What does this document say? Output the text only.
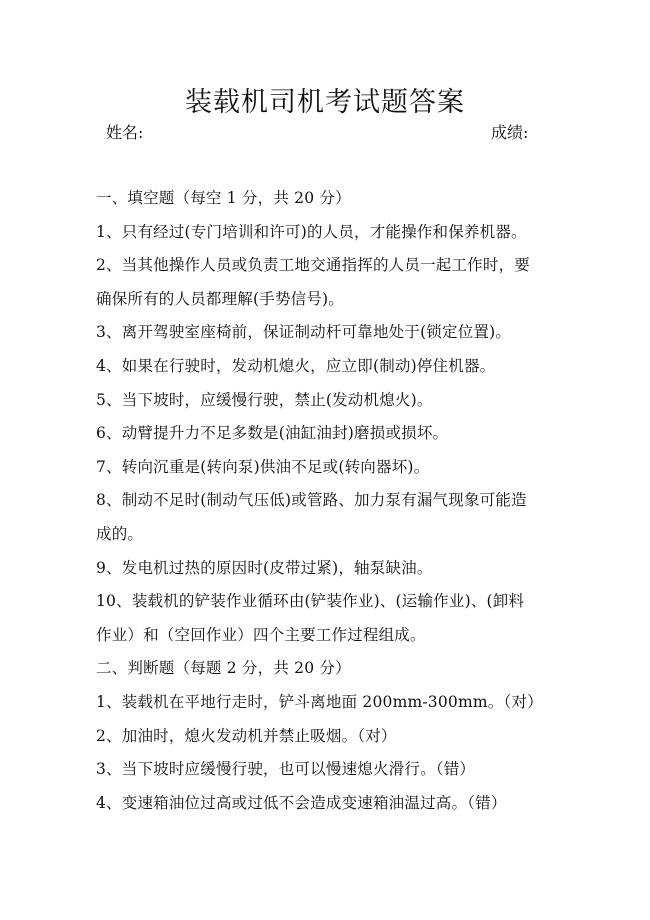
装载机司机考试题答案
姓名:	成绩:
一、填空题（每空 1 分，共 20 分）
1、只有经过(专门培训和许可)的人员，才能操作和保养机器。
2、当其他操作人员或负责工地交通指挥的人员一起工作时，要
确保所有的人员都理解(手势信号)。
3、离开驾驶室座椅前，保证制动杆可靠地处于(锁定位置)。
4、如果在行驶时，发动机熄火，应立即(制动)停住机器。
5、当下坡时，应缓慢行驶，禁止(发动机熄火)。
6、动臂提升力不足多数是(油缸油封)磨损或损坏。
7、转向沉重是(转向泵)供油不足或(转向器坏)。
8、制动不足时(制动气压低)或管路、加力泵有漏气现象可能造
成的。
9、发电机过热的原因时(皮带过紧)，轴泵缺油。
10、装载机的铲装作业循环由(铲装作业)、(运输作业)、(卸料
作业）和（空回作业）四个主要工作过程组成。
二、判断题（每题 2 分，共 20 分）
1、装载机在平地行走时，铲斗离地面 200mm-300mm。（对）
2、加油时，熄火发动机并禁止吸烟。（对）
3、当下坡时应缓慢行驶，也可以慢速熄火滑行。（错）
4、变速箱油位过高或过低不会造成变速箱油温过高。（错）
